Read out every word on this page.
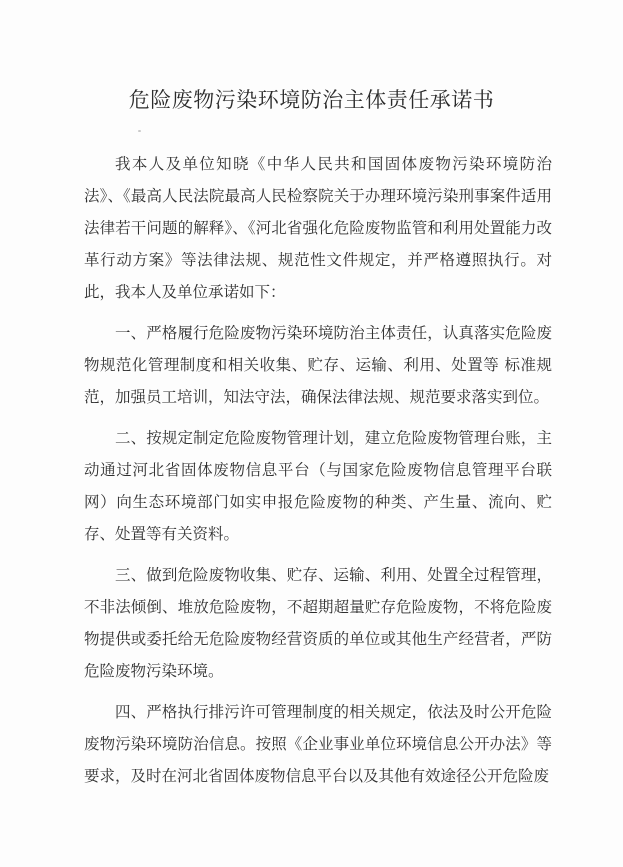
危险废物污染环境防治主体责任承诺书

我本人及单位知晓《中华人民共和国固体废物污染环境防治法》、《最高人民法院最高人民检察院关于办理环境污染刑事案件适用法律若干问题的解释》、《河北省强化危险废物监管和利用处置能力改革行动方案》等法律法规、规范性文件规定，并严格遵照执行。对此，我本人及单位承诺如下：

一、严格履行危险废物污染环境防治主体责任，认真落实危险废物规范化管理制度和相关收集、贮存、运输、利用、处置等 标准规范，加强员工培训，知法守法，确保法律法规、规范要求落实到位。

二、按规定制定危险废物管理计划，建立危险废物管理台账，主动通过河北省固体废物信息平台（与国家危险废物信息管理平台联网）向生态环境部门如实申报危险废物的种类、产生量、流向、贮存、处置等有关资料。

三、做到危险废物收集、贮存、运输、利用、处置全过程管理，不非法倾倒、堆放危险废物，不超期超量贮存危险废物，不将危险废物提供或委托给无危险废物经营资质的单位或其他生产经营者，严防危险废物污染环境。

四、严格执行排污许可管理制度的相关规定，依法及时公开危险废物污染环境防治信息。按照《企业事业单位环境信息公开办法》等要求，及时在河北省固体废物信息平台以及其他有效途径公开危险废
